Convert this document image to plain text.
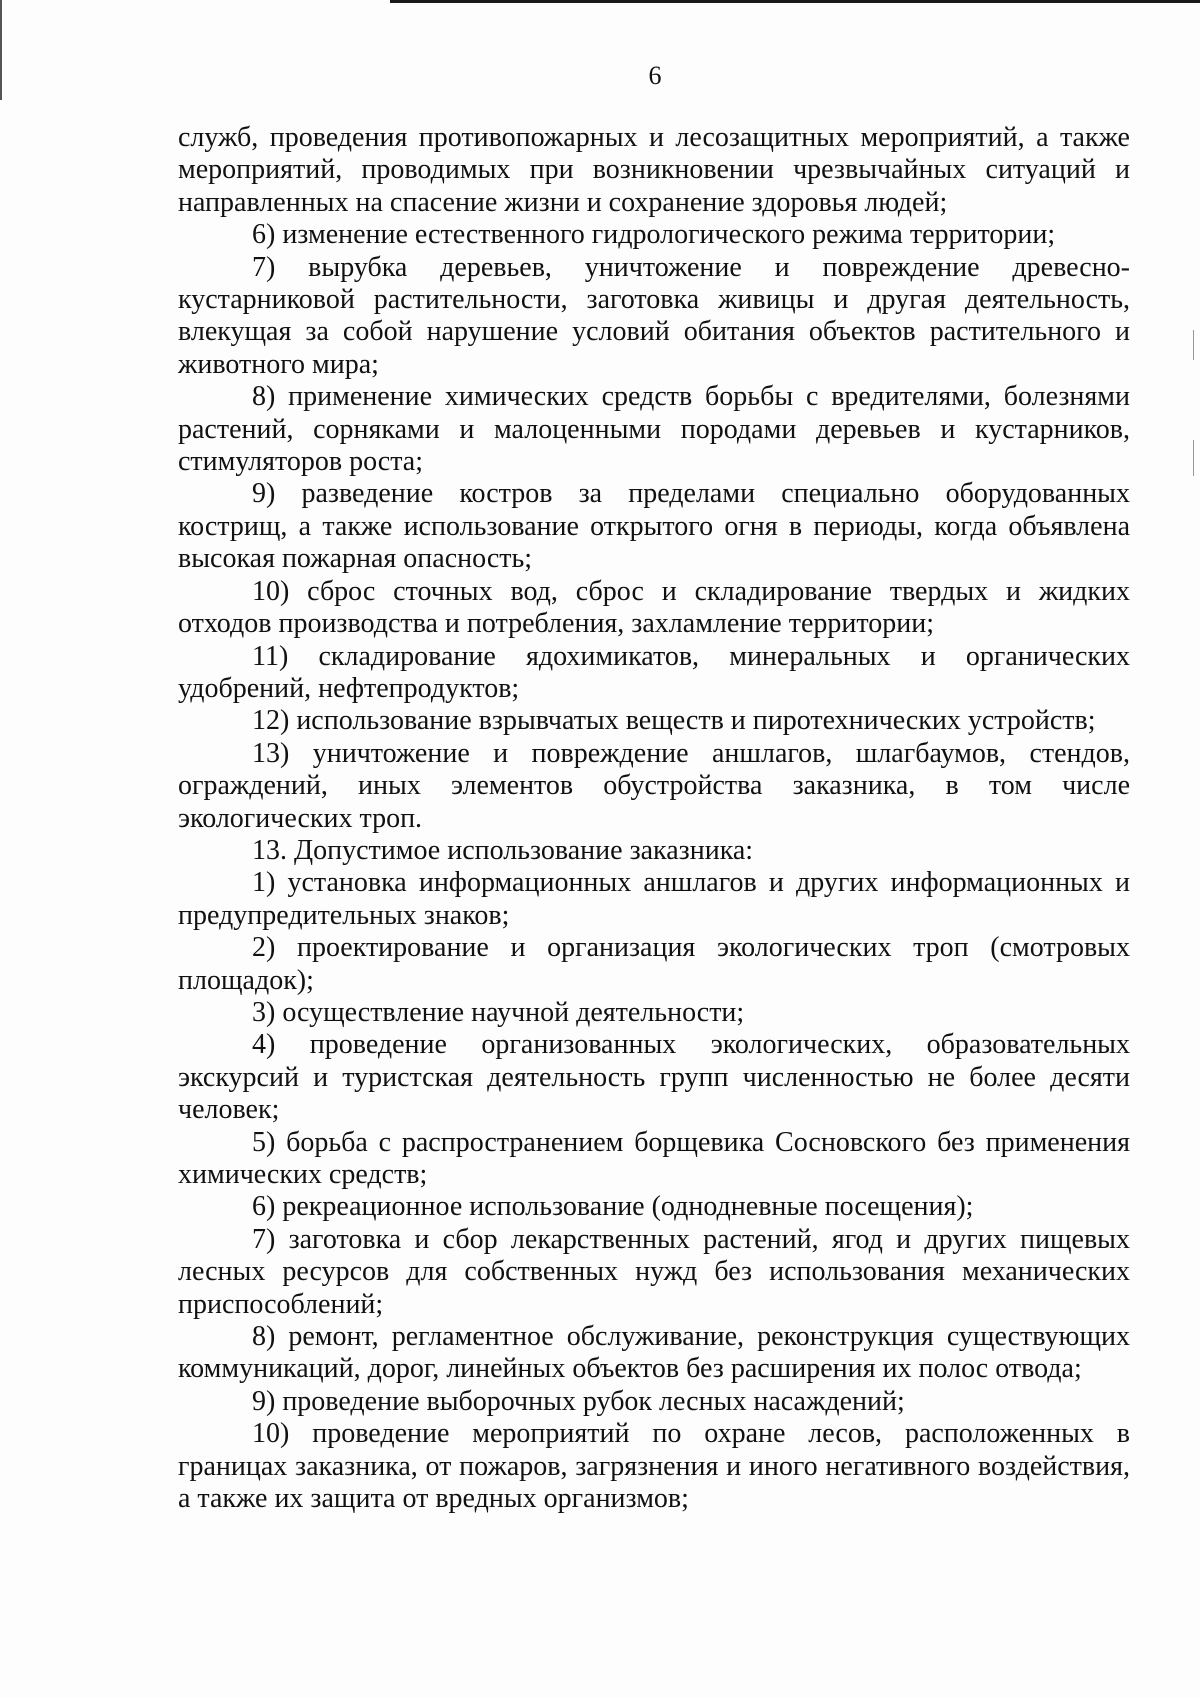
6

служб, проведения противопожарных и лесозащитных мероприятий, а также мероприятий, проводимых при возникновении чрезвычайных ситуаций и направленных на спасение жизни и сохранение здоровья людей;

6) изменение естественного гидрологического режима территории;

7) вырубка деревьев, уничтожение и повреждение древесно-кустарниковой растительности, заготовка живицы и другая деятельность, влекущая за собой нарушение условий обитания объектов растительного и животного мира;

8) применение химических средств борьбы с вредителями, болезнями растений, сорняками и малоценными породами деревьев и кустарников, стимуляторов роста;

9) разведение костров за пределами специально оборудованных кострищ, а также использование открытого огня в периоды, когда объявлена высокая пожарная опасность;

10) сброс сточных вод, сброс и складирование твердых и жидких отходов производства и потребления, захламление территории;

11) складирование ядохимикатов, минеральных и органических удобрений, нефтепродуктов;

12) использование взрывчатых веществ и пиротехнических устройств;

13) уничтожение и повреждение аншлагов, шлагбаумов, стендов, ограждений, иных элементов обустройства заказника, в том числе экологических троп.

13. Допустимое использование заказника:

1) установка информационных аншлагов и других информационных и предупредительных знаков;

2) проектирование и организация экологических троп (смотровых площадок);

3) осуществление научной деятельности;

4) проведение организованных экологических, образовательных экскурсий и туристская деятельность групп численностью не более десяти человек;

5) борьба с распространением борщевика Сосновского без применения химических средств;

6) рекреационное использование (однодневные посещения);

7) заготовка и сбор лекарственных растений, ягод и других пищевых лесных ресурсов для собственных нужд без использования механических приспособлений;

8) ремонт, регламентное обслуживание, реконструкция существующих коммуникаций, дорог, линейных объектов без расширения их полос отвода;

9) проведение выборочных рубок лесных насаждений;

10) проведение мероприятий по охране лесов, расположенных в границах заказника, от пожаров, загрязнения и иного негативного воздействия, а также их защита от вредных организмов;
